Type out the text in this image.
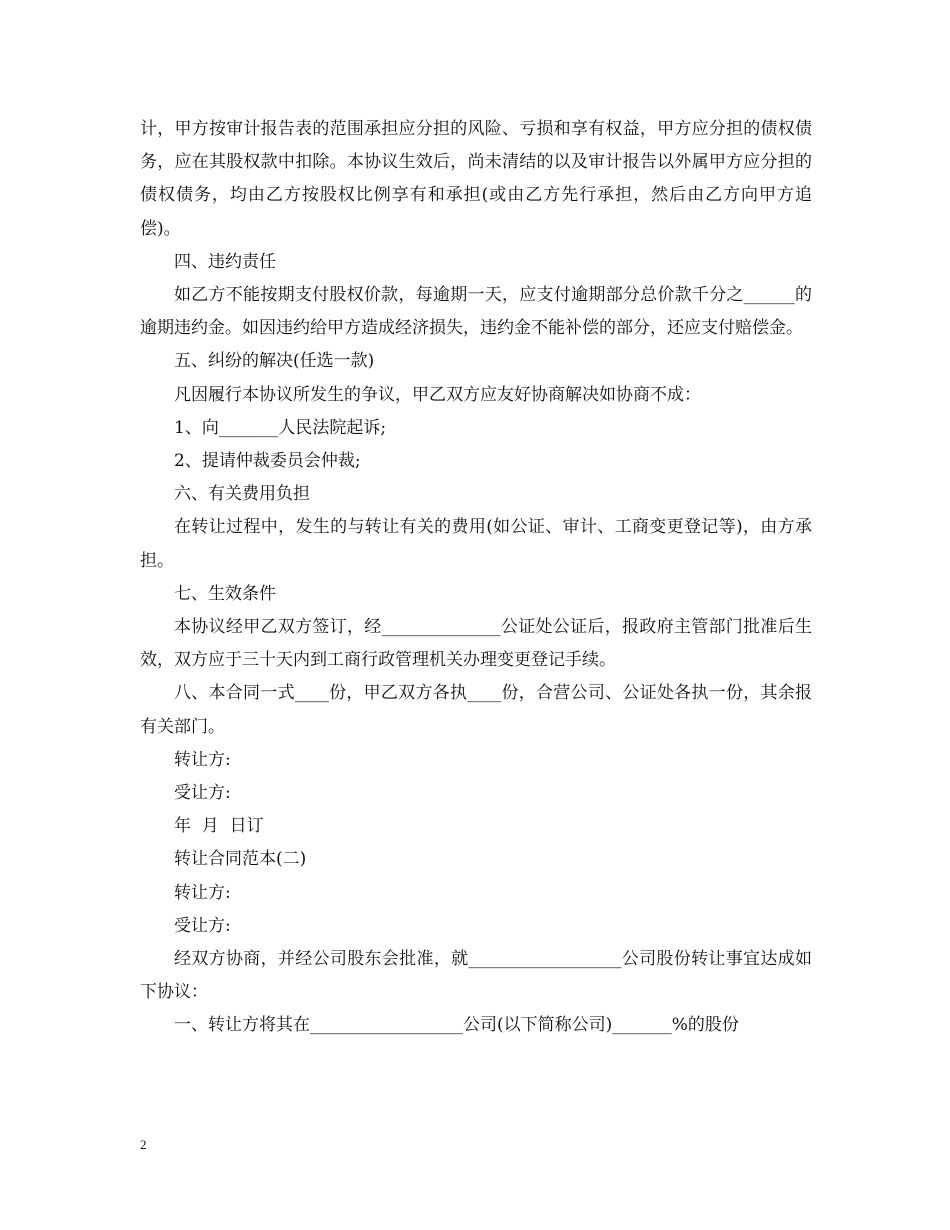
计，甲方按审计报告表的范围承担应分担的风险、亏损和享有权益，甲方应分担的债权债务，应在其股权款中扣除。本协议生效后，尚未清结的以及审计报告以外属甲方应分担的债权债务，均由乙方按股权比例享有和承担(或由乙方先行承担，然后由乙方向甲方追偿)。

四、违约责任

如乙方不能按期支付股权价款，每逾期一天，应支付逾期部分总价款千分之______的逾期违约金。如因违约给甲方造成经济损失，违约金不能补偿的部分，还应支付赔偿金。

五、纠纷的解决(任选一款)

凡因履行本协议所发生的争议，甲乙双方应友好协商解决如协商不成：

1、向_______人民法院起诉;

2、提请仲裁委员会仲裁;

六、有关费用负担

在转让过程中，发生的与转让有关的费用(如公证、审计、工商变更登记等)，由方承担。

七、生效条件

本协议经甲乙双方签订，经______________公证处公证后，报政府主管部门批准后生效，双方应于三十天内到工商行政管理机关办理变更登记手续。

八、本合同一式____份，甲乙双方各执____份，合营公司、公证处各执一份，其余报有关部门。

转让方:

受让方:

年  月  日订

转让合同范本(二)

转让方:

受让方:

经双方协商，并经公司股东会批准，就__________________公司股份转让事宜达成如下协议：

一、转让方将其在__________________公司(以下简称公司)_______%的股份

2
